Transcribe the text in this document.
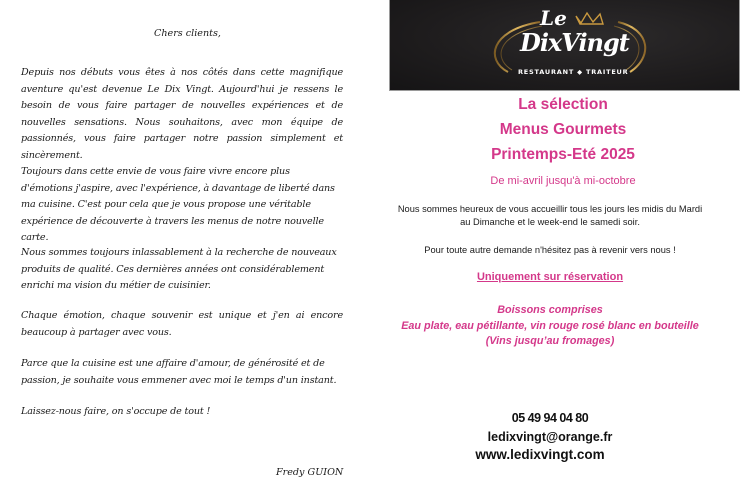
Chers clients,
Depuis nos débuts vous êtes à nos côtés dans cette magnifique aventure qu'est devenue Le Dix Vingt. Aujourd'hui je ressens le besoin de vous faire partager de nouvelles expériences et de nouvelles sensations. Nous souhaitons, avec mon équipe de passionnés, vous faire partager notre passion simplement et sincèrement.
Toujours dans cette envie de vous faire vivre encore plus d'émotions j'aspire, avec l'expérience, à davantage de liberté dans ma cuisine. C'est pour cela que je vous propose une véritable expérience de découverte à travers les menus de notre nouvelle carte.
Nous sommes toujours inlassablement à la recherche de nouveaux produits de qualité. Ces dernières années ont considérablement enrichi ma vision du métier de cuisinier.
Chaque émotion, chaque souvenir est unique et j'en ai encore beaucoup à partager avec vous.
Parce que la cuisine est une affaire d'amour, de générosité et de passion, je souhaite vous emmener avec moi le temps d'un instant.
Laissez-nous faire, on s'occupe de tout !
Fredy GUION
Le
DixVingt
RESTAURANT ◆ TRAITEUR
La sélection
Menus Gourmets
Printemps-Eté 2025
De mi-avril jusqu'à mi-octobre
Nous sommes heureux de vous accueillir tous les jours les midis du Mardi
au Dimanche et le week-end le samedi soir.
Pour toute autre demande n'hésitez pas à revenir vers nous !
Uniquement sur réservation
Boissons comprises
Eau plate, eau pétillante, vin rouge rosé blanc en bouteille
(Vins jusqu’au fromages)
05 49 94 04 80
ledixvingt@orange.fr
www.ledixvingt.com
